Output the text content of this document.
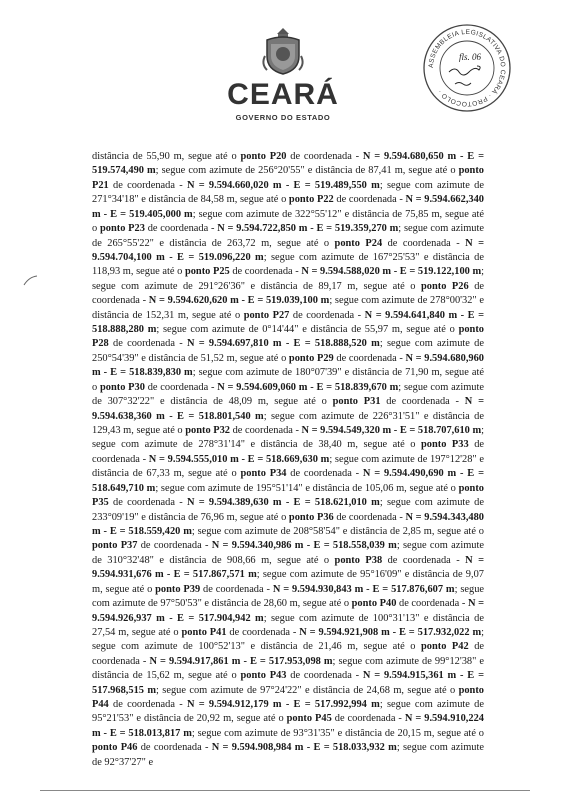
CEARÁ
GOVERNO DO ESTADO
ASSEMBLEIA LEGISLATIVA DO CEARÁ · PROTOCOLO ·
fls. 06
distância de 55,90 m, segue até o ponto P20 de coordenada - N = 9.594.680,650 m - E = 519.574,490 m; segue com azimute de 256°20'55" e distância de 87,41 m, segue até o ponto P21 de coordenada - N = 9.594.660,020 m - E = 519.489,550 m; segue com azimute de 271°34'18" e distância de 84,58 m, segue até o ponto P22 de coordenada - N = 9.594.662,340 m - E = 519.405,000 m; segue com azimute de 322°55'12" e distância de 75,85 m, segue até o ponto P23 de coordenada - N = 9.594.722,850 m - E = 519.359,270 m; segue com azimute de 265°55'22" e distância de 263,72 m, segue até o ponto P24 de coordenada - N = 9.594.704,100 m - E = 519.096,220 m; segue com azimute de 167°25'53" e distância de 118,93 m, segue até o ponto P25 de coordenada - N = 9.594.588,020 m - E = 519.122,100 m; segue com azimute de 291°26'36" e distância de 89,17 m, segue até o ponto P26 de coordenada - N = 9.594.620,620 m - E = 519.039,100 m; segue com azimute de 278°00'32" e distância de 152,31 m, segue até o ponto P27 de coordenada - N = 9.594.641,840 m - E = 518.888,280 m; segue com azimute de 0°14'44" e distância de 55,97 m, segue até o ponto P28 de coordenada - N = 9.594.697,810 m - E = 518.888,520 m; segue com azimute de 250°54'39" e distância de 51,52 m, segue até o ponto P29 de coordenada - N = 9.594.680,960 m - E = 518.839,830 m; segue com azimute de 180°07'39" e distância de 71,90 m, segue até o ponto P30 de coordenada - N = 9.594.609,060 m - E = 518.839,670 m; segue com azimute de 307°32'22" e distância de 48,09 m, segue até o ponto P31 de coordenada - N = 9.594.638,360 m - E = 518.801,540 m; segue com azimute de 226°31'51" e distância de 129,43 m, segue até o ponto P32 de coordenada - N = 9.594.549,320 m - E = 518.707,610 m; segue com azimute de 278°31'14" e distância de 38,40 m, segue até o ponto P33 de coordenada - N = 9.594.555,010 m - E = 518.669,630 m; segue com azimute de 197°12'28" e distância de 67,33 m, segue até o ponto P34 de coordenada - N = 9.594.490,690 m - E = 518.649,710 m; segue com azimute de 195°51'14" e distância de 105,06 m, segue até o ponto P35 de coordenada - N = 9.594.389,630 m - E = 518.621,010 m; segue com azimute de 233°09'19" e distância de 76,96 m, segue até o ponto P36 de coordenada - N = 9.594.343,480 m - E = 518.559,420 m; segue com azimute de 208°58'54" e distância de 2,85 m, segue até o ponto P37 de coordenada - N = 9.594.340,986 m - E = 518.558,039 m; segue com azimute de 310°32'48" e distância de 908,66 m, segue até o ponto P38 de coordenada - N = 9.594.931,676 m - E = 517.867,571 m; segue com azimute de 95°16'09" e distância de 9,07 m, segue até o ponto P39 de coordenada - N = 9.594.930,843 m - E = 517.876,607 m; segue com azimute de 97°50'53" e distância de 28,60 m, segue até o ponto P40 de coordenada - N = 9.594.926,937 m - E = 517.904,942 m; segue com azimute de 100°31'13" e distância de 27,54 m, segue até o ponto P41 de coordenada - N = 9.594.921,908 m - E = 517.932,022 m; segue com azimute de 100°52'13" e distância de 21,46 m, segue até o ponto P42 de coordenada - N = 9.594.917,861 m - E = 517.953,098 m; segue com azimute de 99°12'38" e distância de 15,62 m, segue até o ponto P43 de coordenada - N = 9.594.915,361 m - E = 517.968,515 m; segue com azimute de 97°24'22" e distância de 24,68 m, segue até o ponto P44 de coordenada - N = 9.594.912,179 m - E = 517.992,994 m; segue com azimute de 95°21'53" e distância de 20,92 m, segue até o ponto P45 de coordenada - N = 9.594.910,224 m - E = 518.013,817 m; segue com azimute de 93°31'35" e distância de 20,15 m, segue até o ponto P46 de coordenada - N = 9.594.908,984 m - E = 518.033,932 m; segue com azimute de 92°37'27" e
